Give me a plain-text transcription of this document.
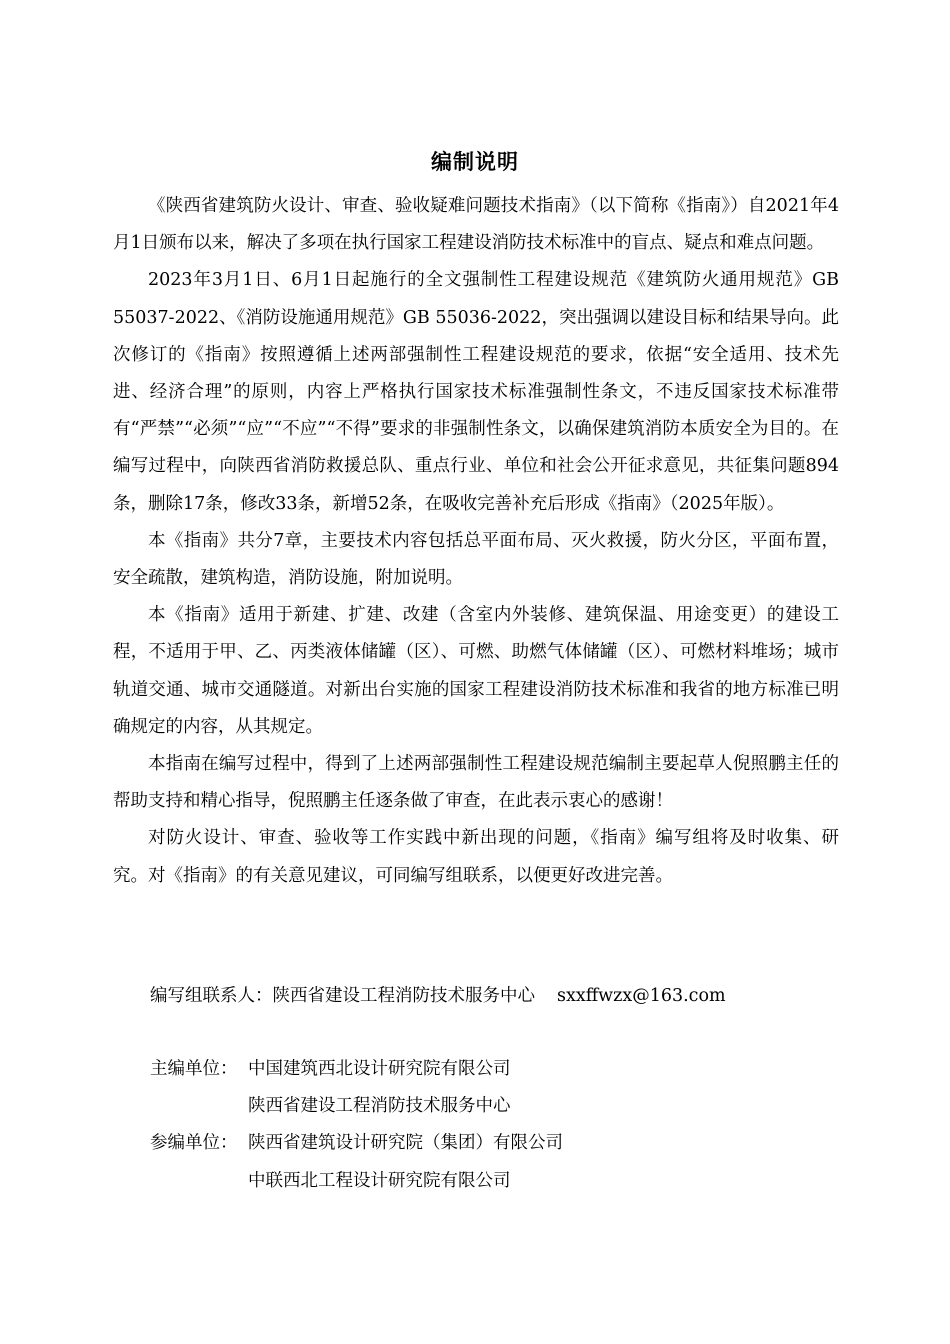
编制说明

《陕西省建筑防火设计、审查、验收疑难问题技术指南》（以下简称《指南》）自2021年4月1日颁布以来，解决了多项在执行国家工程建设消防技术标准中的盲点、疑点和难点问题。

2023年3月1日、6月1日起施行的全文强制性工程建设规范《建筑防火通用规范》GB 55037-2022、《消防设施通用规范》GB 55036-2022，突出强调以建设目标和结果导向。此次修订的《指南》按照遵循上述两部强制性工程建设规范的要求，依据“安全适用、技术先进、经济合理”的原则，内容上严格执行国家技术标准强制性条文，不违反国家技术标准带有“严禁”“必须”“应”“不应”“不得”要求的非强制性条文，以确保建筑消防本质安全为目的。在编写过程中，向陕西省消防救援总队、重点行业、单位和社会公开征求意见，共征集问题894条，删除17条，修改33条，新增52条，在吸收完善补充后形成《指南》（2025年版）。

本《指南》共分7章，主要技术内容包括总平面布局、灭火救援，防火分区，平面布置，安全疏散，建筑构造，消防设施，附加说明。

本《指南》适用于新建、扩建、改建（含室内外装修、建筑保温、用途变更）的建设工程，不适用于甲、乙、丙类液体储罐（区）、可燃、助燃气体储罐（区）、可燃材料堆场；城市轨道交通、城市交通隧道。对新出台实施的国家工程建设消防技术标准和我省的地方标准已明确规定的内容，从其规定。

本指南在编写过程中，得到了上述两部强制性工程建设规范编制主要起草人倪照鹏主任的帮助支持和精心指导，倪照鹏主任逐条做了审查，在此表示衷心的感谢！

对防火设计、审查、验收等工作实践中新出现的问题，《指南》编写组将及时收集、研究。对《指南》的有关意见建议，可同编写组联系，以便更好改进完善。

编写组联系人：陕西省建设工程消防技术服务中心 sxxffwzx@163.com
主编单位： 中国建筑西北设计研究院有限公司
陕西省建设工程消防技术服务中心
参编单位： 陕西省建筑设计研究院（集团）有限公司
中联西北工程设计研究院有限公司
